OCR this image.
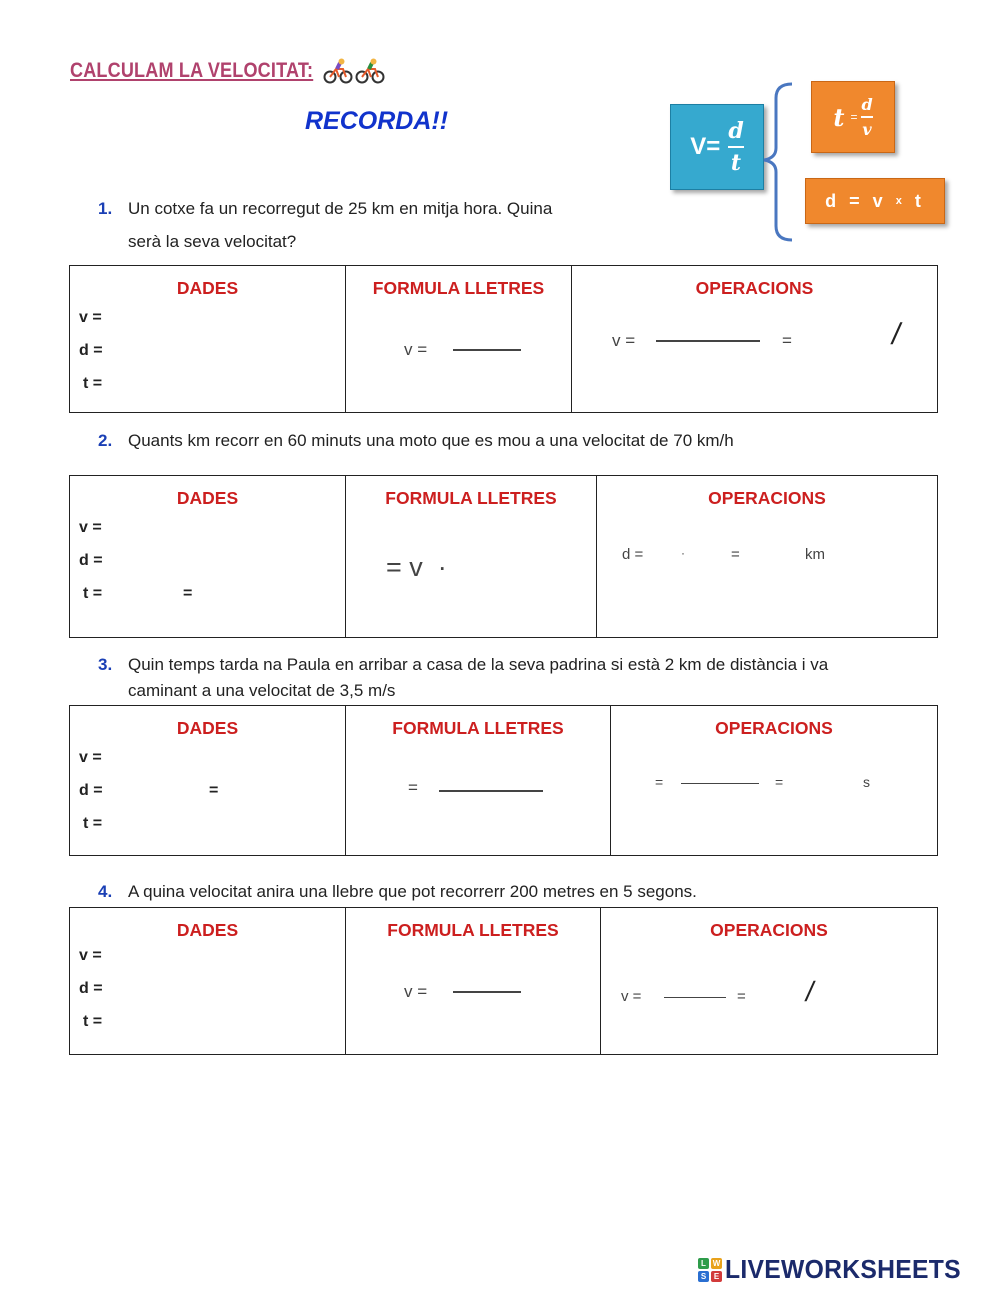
CALCULAM LA VELOCITAT:
RECORDA!!
$V= \frac{d}{t}$
$t = \frac{d}{v}$
d = v
x
t
1. Un cotxe fa un recorregut de 25 km en mitja hora. Quina
serà la seva velocitat?
DADES
v =
d =
t =

FORMULA LLETRES
v =

OPERACIONS
v =	=	/
2. Quants km recorr en 60 minuts una moto que es mou a una velocitat de 70 km/h
DADES
v =
d =
t =	=

FORMULA LLETRES
= v  ·

OPERACIONS
d =	·	=	km
3. Quin temps tarda na Paula en arribar a casa de la seva padrina si està 2 km de distància i va
caminant a una velocitat de 3,5 m/s
DADES
v =
d =	=
t =

FORMULA LLETRES
=

OPERACIONS
=	=	s
4. A quina velocitat anira una llebre que pot recorrerr 200 metres en 5 segons.
DADES
v =
d =
t =

FORMULA LLETRES
v =

OPERACIONS
v =	= /
L W
S E LIVEWORKSHEETS
